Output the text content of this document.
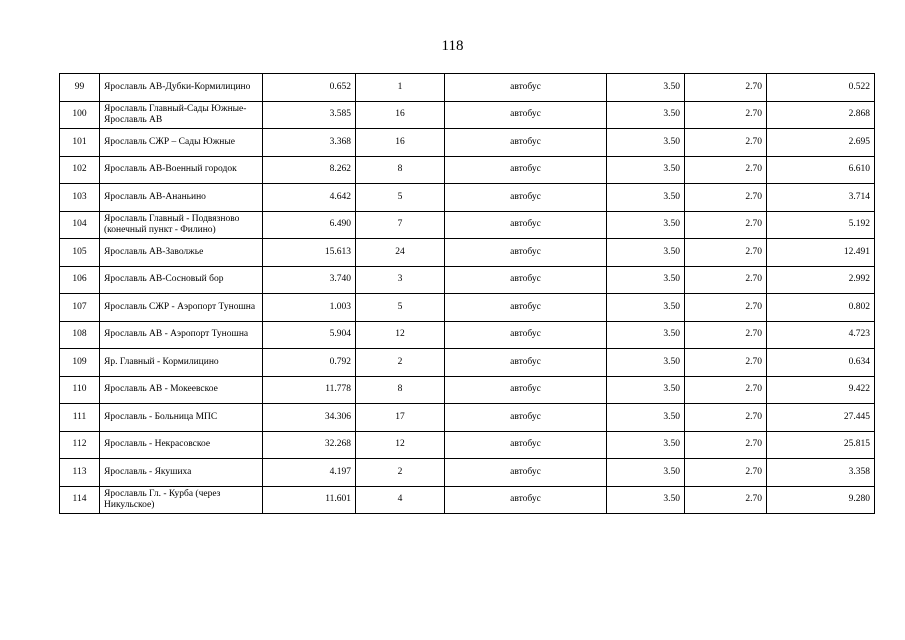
118
99	Ярославль АВ-Дубки-Кормилицино	0.652	1	автобус	3.50	2.70	0.522
100	Ярославль Главный-Сады Южные-Ярославль АВ	3.585	16	автобус	3.50	2.70	2.868
101	Ярославль СЖР – Сады Южные	3.368	16	автобус	3.50	2.70	2.695
102	Ярославль АВ-Военный городок	8.262	8	автобус	3.50	2.70	6.610
103	Ярославль АВ-Ананьино	4.642	5	автобус	3.50	2.70	3.714
104	Ярославль Главный - Подвязново (конечный пункт - Филино)	6.490	7	автобус	3.50	2.70	5.192
105	Ярославль АВ-Заволжье	15.613	24	автобус	3.50	2.70	12.491
106	Ярославль АВ-Сосновый бор	3.740	3	автобус	3.50	2.70	2.992
107	Ярославль СЖР - Аэропорт Туношна	1.003	5	автобус	3.50	2.70	0.802
108	Ярославль АВ - Аэропорт Туношна	5.904	12	автобус	3.50	2.70	4.723
109	Яр. Главный - Кормилицино	0.792	2	автобус	3.50	2.70	0.634
110	Ярославль АВ - Мокеевское	11.778	8	автобус	3.50	2.70	9.422
111	Ярославль - Больница МПС	34.306	17	автобус	3.50	2.70	27.445
112	Ярославль - Некрасовское	32.268	12	автобус	3.50	2.70	25.815
113	Ярославль - Якушиха	4.197	2	автобус	3.50	2.70	3.358
114	Ярославль Гл. - Курба (через Никульское)	11.601	4	автобус	3.50	2.70	9.280
